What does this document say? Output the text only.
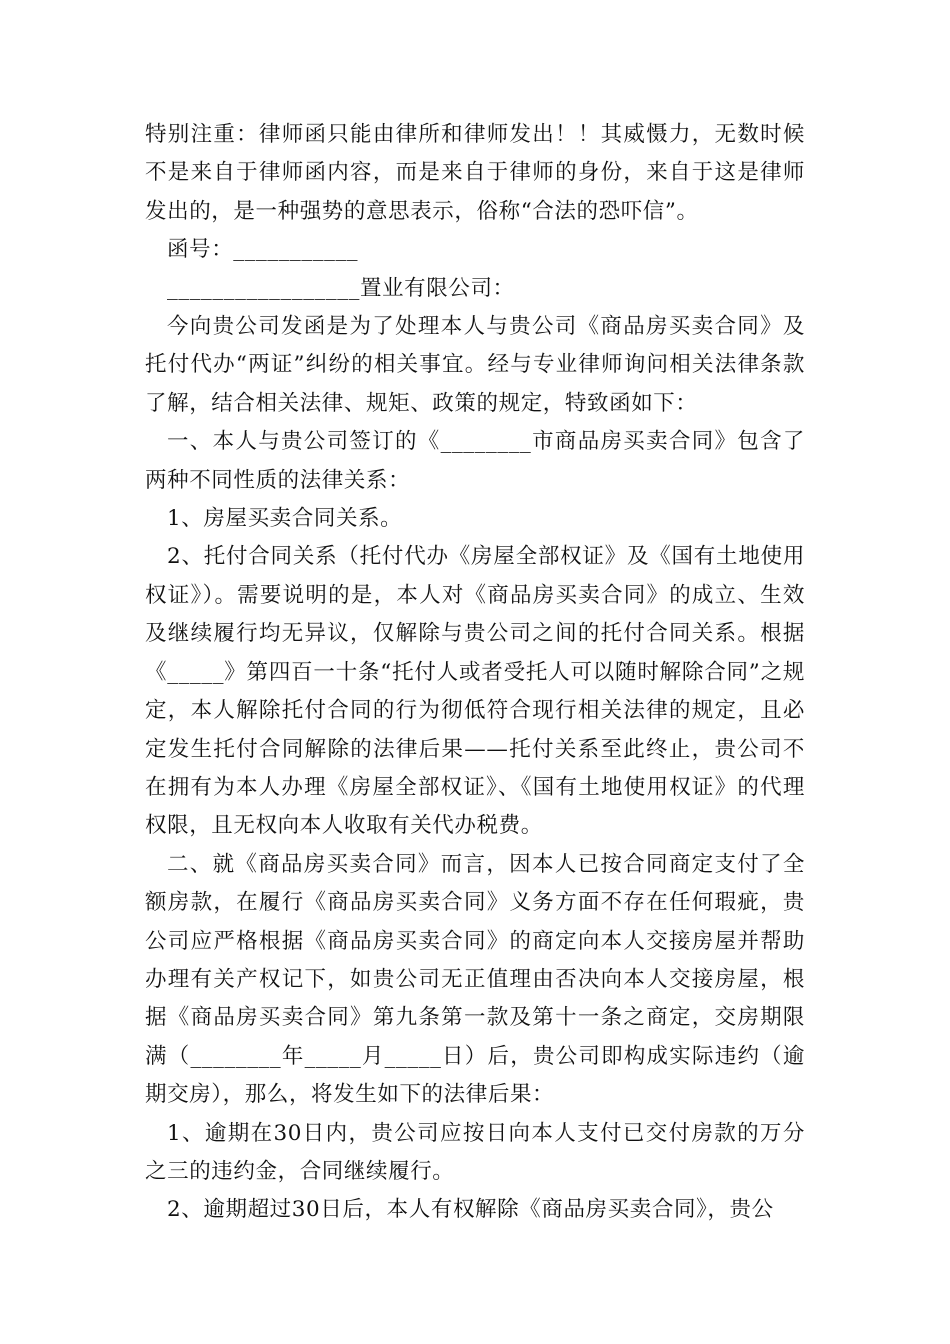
特别注重：律师函只能由律所和律师发出！！其威慑力，无数时候不是来自于律师函内容，而是来自于律师的身份，来自于这是律师发出的，是一种强势的意思表示，俗称“合法的恐吓信”。

函号：___________

_________________置业有限公司：

今向贵公司发函是为了处理本人与贵公司《商品房买卖合同》及托付代办“两证”纠纷的相关事宜。经与专业律师询问相关法律条款了解，结合相关法律、规矩、政策的规定，特致函如下：

一、本人与贵公司签订的《________市商品房买卖合同》包含了两种不同性质的法律关系：

1、房屋买卖合同关系。

2、托付合同关系（托付代办《房屋全部权证》及《国有土地使用权证》）。需要说明的是，本人对《商品房买卖合同》的成立、生效及继续履行均无异议，仅解除与贵公司之间的托付合同关系。根据《_____》第四百一十条“托付人或者受托人可以随时解除合同”之规定，本人解除托付合同的行为彻低符合现行相关法律的规定，且必定发生托付合同解除的法律后果——托付关系至此终止，贵公司不在拥有为本人办理《房屋全部权证》、《国有土地使用权证》的代理权限，且无权向本人收取有关代办税费。

二、就《商品房买卖合同》而言，因本人已按合同商定支付了全额房款，在履行《商品房买卖合同》义务方面不存在任何瑕疵，贵公司应严格根据《商品房买卖合同》的商定向本人交接房屋并帮助办理有关产权记下，如贵公司无正值理由否决向本人交接房屋，根据《商品房买卖合同》第九条第一款及第十一条之商定，交房期限满（________年_____月_____日）后，贵公司即构成实际违约（逾期交房），那么，将发生如下的法律后果：

1、逾期在30日内，贵公司应按日向本人支付已交付房款的万分之三的违约金，合同继续履行。

2、逾期超过30日后，本人有权解除《商品房买卖合同》，贵公
